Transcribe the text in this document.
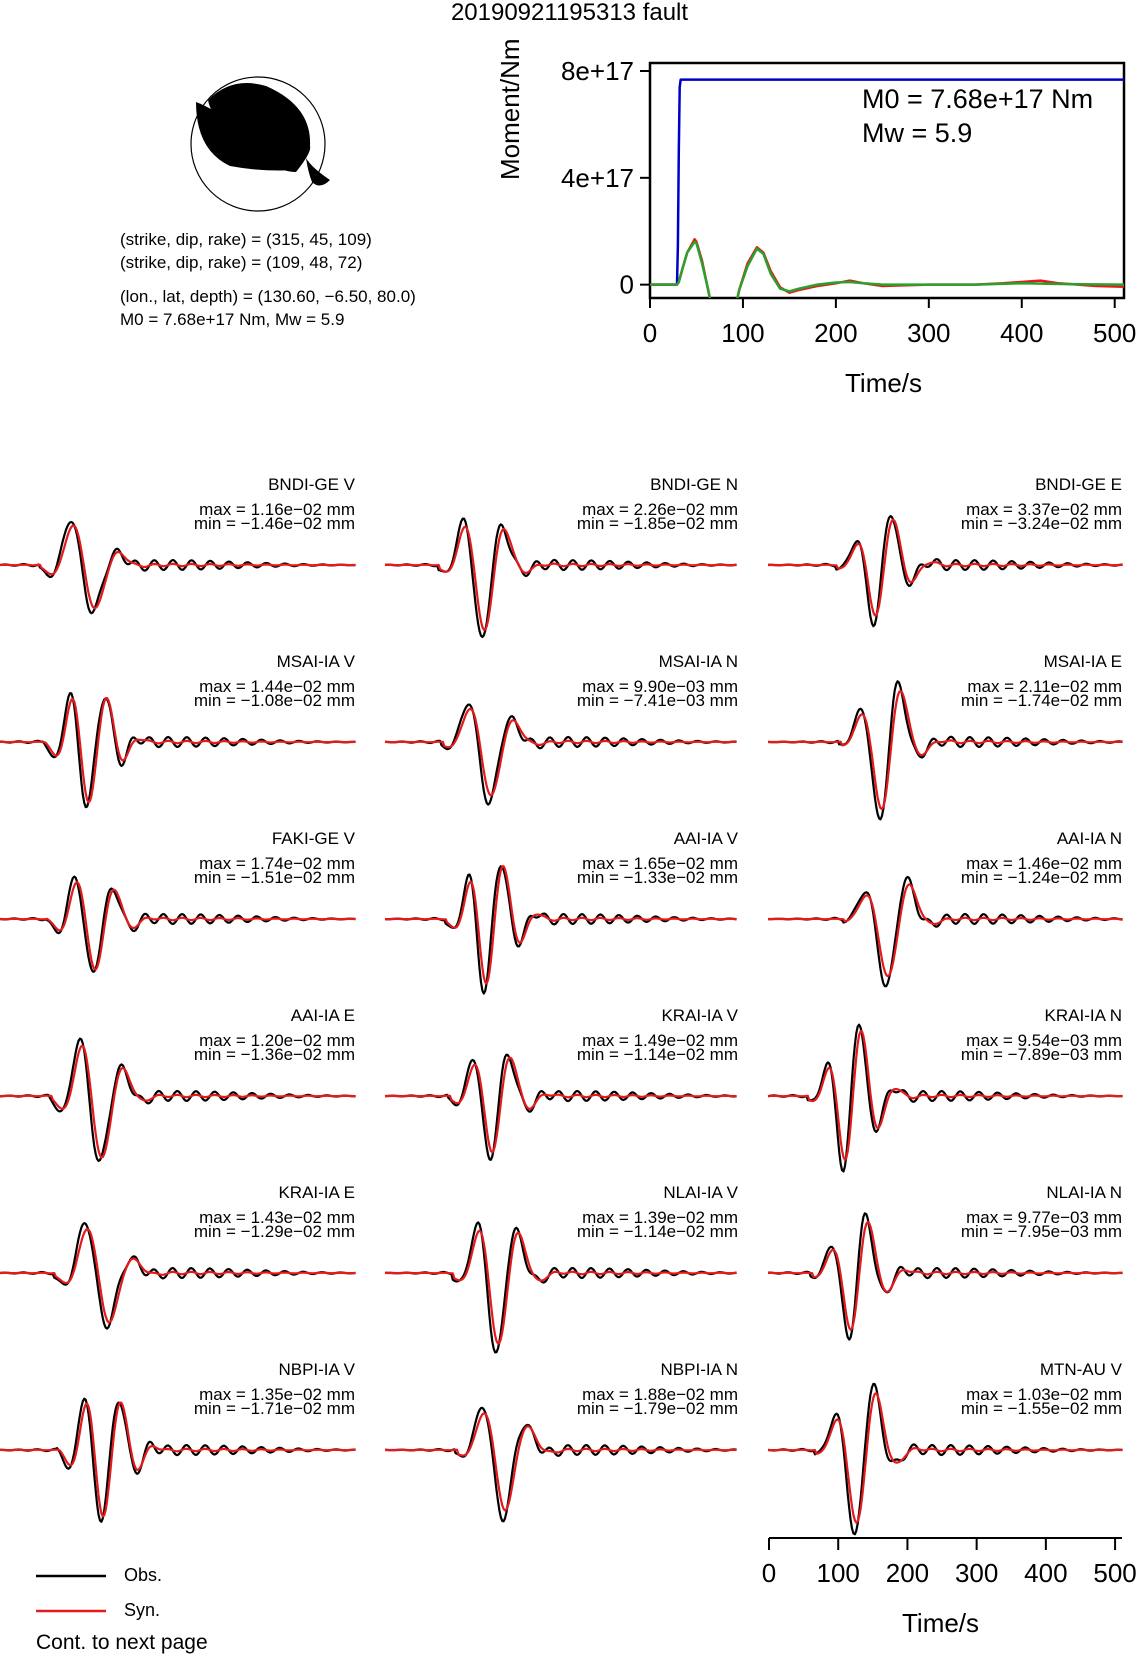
20190921195313 fault
(strike, dip, rake) = (315, 45, 109)
(strike, dip, rake) = (109, 48, 72)
(lon., lat, depth) = (130.60, −6.50, 80.0)
M0 = 7.68e+17 Nm, Mw = 5.9
0
4e+17
8e+17
0 100 200 300 400 500
Moment/Nm
Time/s
M0 = 7.68e+17 Nm
Mw = 5.9
BNDI-GE V
max = 1.16e−02 mm
min = −1.46e−02 mm
BNDI-GE N
max = 2.26e−02 mm
min = −1.85e−02 mm
BNDI-GE E
max = 3.37e−02 mm
min = −3.24e−02 mm
MSAI-IA V
max = 1.44e−02 mm
min = −1.08e−02 mm
MSAI-IA N
max = 9.90e−03 mm
min = −7.41e−03 mm
MSAI-IA E
max = 2.11e−02 mm
min = −1.74e−02 mm
FAKI-GE V
max = 1.74e−02 mm
min = −1.51e−02 mm
AAI-IA V
max = 1.65e−02 mm
min = −1.33e−02 mm
AAI-IA N
max = 1.46e−02 mm
min = −1.24e−02 mm
AAI-IA E
max = 1.20e−02 mm
min = −1.36e−02 mm
KRAI-IA V
max = 1.49e−02 mm
min = −1.14e−02 mm
KRAI-IA N
max = 9.54e−03 mm
min = −7.89e−03 mm
KRAI-IA E
max = 1.43e−02 mm
min = −1.29e−02 mm
NLAI-IA V
max = 1.39e−02 mm
min = −1.14e−02 mm
NLAI-IA N
max = 9.77e−03 mm
min = −7.95e−03 mm
NBPI-IA V
max = 1.35e−02 mm
min = −1.71e−02 mm
NBPI-IA N
max = 1.88e−02 mm
min = −1.79e−02 mm
MTN-AU V
max = 1.03e−02 mm
min = −1.55e−02 mm
0 100 200 300 400 500
Time/s
Obs.
Syn.
Cont. to next page
